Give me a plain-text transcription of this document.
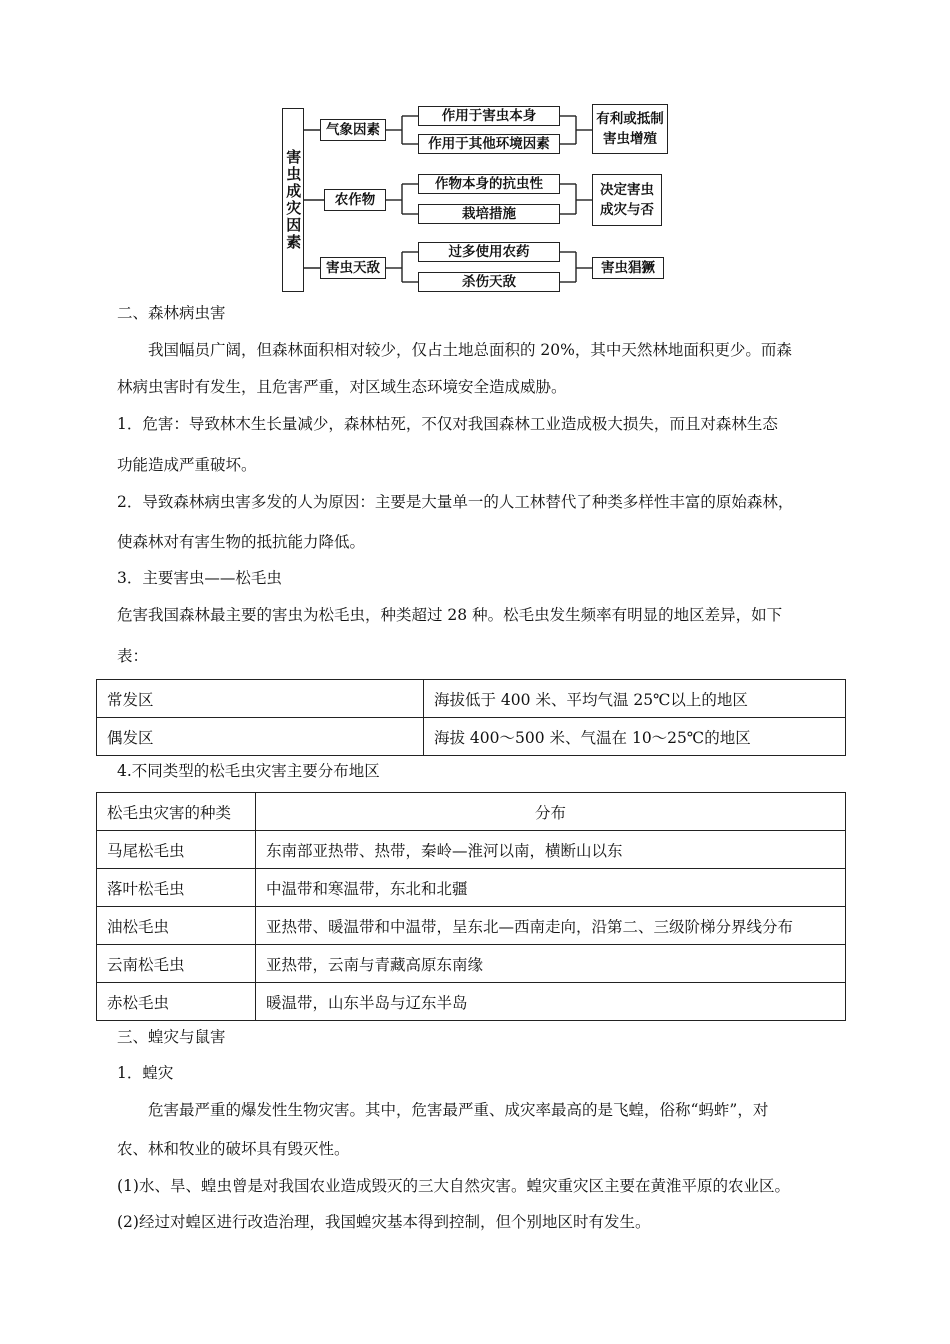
害虫成灾因素
气象因素
农作物
害虫天敌
作用于害虫本身
作用于其他环境因素
作物本身的抗虫性
栽培措施
过多使用农药
杀伤天敌
有利或抵制
害虫增殖
决定害虫
成灾与否
害虫猖獗
二、森林病虫害
我国幅员广阔，但森林面积相对较少，仅占土地总面积的 20%，其中天然林地面积更少。而森
林病虫害时有发生，且危害严重，对区域生态环境安全造成威胁。
1．危害：导致林木生长量减少，森林枯死，不仅对我国森林工业造成极大损失，而且对森林生态
功能造成严重破坏。
2．导致森林病虫害多发的人为原因：主要是大量单一的人工林替代了种类多样性丰富的原始森林，
使森林对有害生物的抵抗能力降低。
3．主要害虫——松毛虫
危害我国森林最主要的害虫为松毛虫，种类超过 28 种。松毛虫发生频率有明显的地区差异，如下
表：
常发区	海拔低于 400 米、平均气温 25℃以上的地区
偶发区	海拔 400～500 米、气温在 10～25℃的地区
4.不同类型的松毛虫灾害主要分布地区
松毛虫灾害的种类	分布
马尾松毛虫	东南部亚热带、热带，秦岭—淮河以南，横断山以东
落叶松毛虫	中温带和寒温带，东北和北疆
油松毛虫	亚热带、暖温带和中温带，呈东北—西南走向，沿第二、三级阶梯分界线分布
云南松毛虫	亚热带，云南与青藏高原东南缘
赤松毛虫	暖温带，山东半岛与辽东半岛
三、蝗灾与鼠害
1．蝗灾
危害最严重的爆发性生物灾害。其中，危害最严重、成灾率最高的是飞蝗，俗称“蚂蚱”，对
农、林和牧业的破坏具有毁灭性。
(1)水、旱、蝗虫曾是对我国农业造成毁灭的三大自然灾害。蝗灾重灾区主要在黄淮平原的农业区。
(2)经过对蝗区进行改造治理，我国蝗灾基本得到控制，但个别地区时有发生。
